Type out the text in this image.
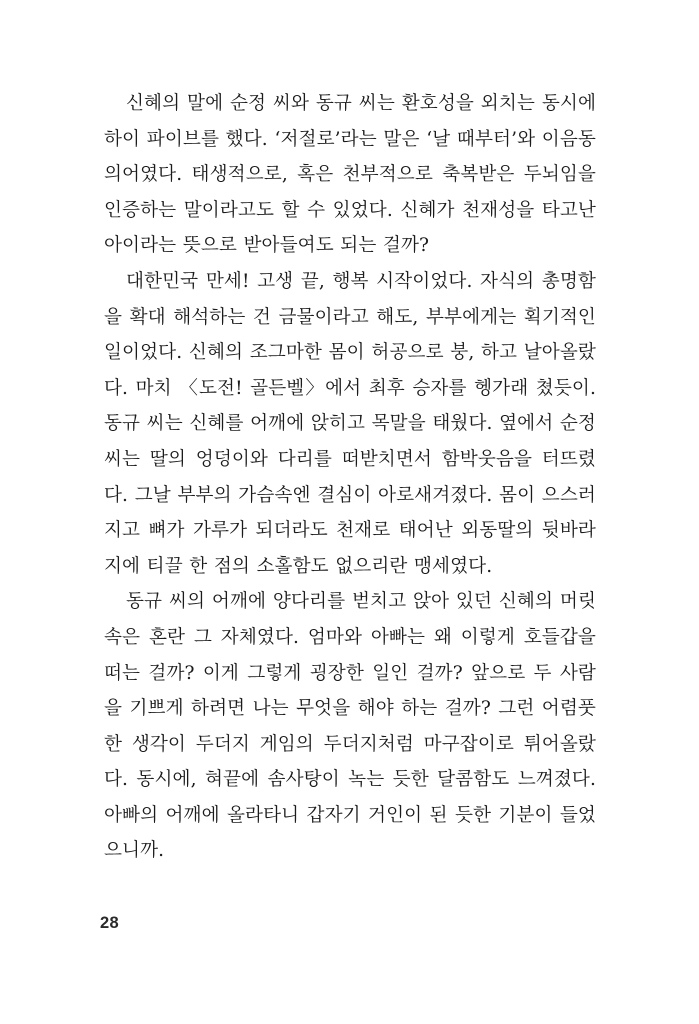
신혜의 말에 순정 씨와 동규 씨는 환호성을 외치는 동시에 하이 파이브를 했다. ‘저절로’라는 말은 ‘날 때부터’와 이음동의어였다. 태생적으로, 혹은 천부적으로 축복받은 두뇌임을 인증하는 말이라고도 할 수 있었다. 신혜가 천재성을 타고난 아이라는 뜻으로 받아들여도 되는 걸까?

대한민국 만세! 고생 끝, 행복 시작이었다. 자식의 총명함을 확대 해석하는 건 금물이라고 해도, 부부에게는 획기적인 일이었다. 신혜의 조그마한 몸이 허공으로 붕, 하고 날아올랐다. 마치 〈도전! 골든벨〉에서 최후 승자를 헹가래 쳤듯이. 동규 씨는 신혜를 어깨에 앉히고 목말을 태웠다. 옆에서 순정 씨는 딸의 엉덩이와 다리를 떠받치면서 함박웃음을 터뜨렸다. 그날 부부의 가슴속엔 결심이 아로새겨졌다. 몸이 으스러지고 뼈가 가루가 되더라도 천재로 태어난 외동딸의 뒷바라지에 티끌 한 점의 소홀함도 없으리란 맹세였다.

동규 씨의 어깨에 양다리를 벋치고 앉아 있던 신혜의 머릿속은 혼란 그 자체였다. 엄마와 아빠는 왜 이렇게 호들갑을 떠는 걸까? 이게 그렇게 굉장한 일인 걸까? 앞으로 두 사람을 기쁘게 하려면 나는 무엇을 해야 하는 걸까? 그런 어렴풋한 생각이 두더지 게임의 두더지처럼 마구잡이로 튀어올랐다. 동시에, 혀끝에 솜사탕이 녹는 듯한 달콤함도 느껴졌다. 아빠의 어깨에 올라타니 갑자기 거인이 된 듯한 기분이 들었으니까.

28
